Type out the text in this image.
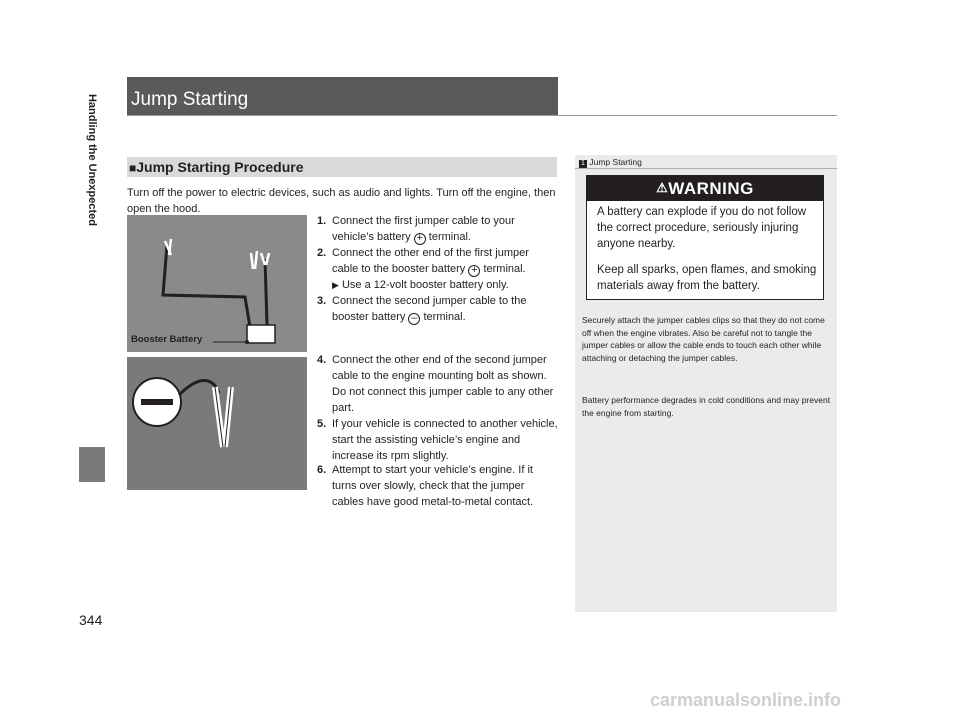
Handling the Unexpected
344
Jump Starting
■Jump Starting Procedure
Turn off the power to electric devices, such as audio and lights. Turn off the engine, then open the hood.
Booster Battery
1. Connect the first jumper cable to your vehicle’s battery + terminal.
2. Connect the other end of the first jumper cable to the booster battery + terminal.
▶ Use a 12-volt booster battery only.
3. Connect the second jumper cable to the booster battery – terminal.
4. Connect the other end of the second jumper cable to the engine mounting bolt as shown. Do not connect this jumper cable to any other part.
5. If your vehicle is connected to another vehicle, start the assisting vehicle’s engine and increase its rpm slightly.
6. Attempt to start your vehicle’s engine. If it turns over slowly, check that the jumper cables have good metal-to-metal contact.
1 Jump Starting
⚠WARNING
A battery can explode if you do not follow the correct procedure, seriously injuring anyone nearby.
Keep all sparks, open flames, and smoking materials away from the battery.
Securely attach the jumper cables clips so that they do not come off when the engine vibrates. Also be careful not to tangle the jumper cables or allow the cable ends to touch each other while attaching or detaching the jumper cables.
Battery performance degrades in cold conditions and may prevent the engine from starting.
carmanualsonline.info
